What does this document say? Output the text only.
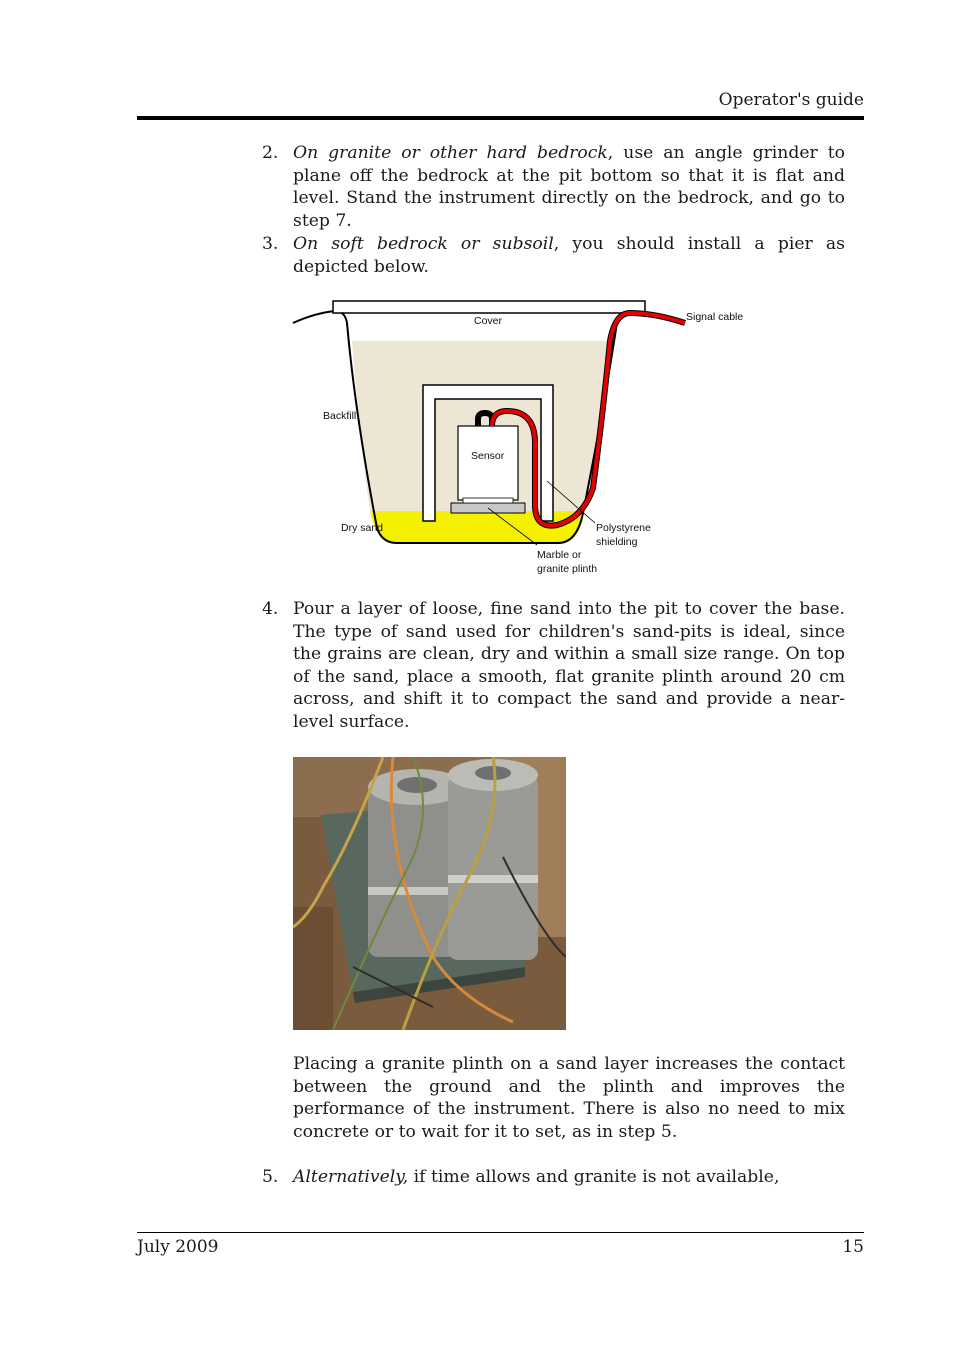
Operator's guide
2. On granite or other hard bedrock, use an angle grinder to plane off the bedrock at the pit bottom so that it is flat and level. Stand the instrument directly on the bedrock, and go to step 7.
3. On soft bedrock or subsoil, you should install a pier as depicted below.
Cover	Signal cable
Backfill
Sensor
Dry sand	Polystyrene
shielding
Marble or
granite plinth
4. Pour a layer of loose, fine sand into the pit to cover the base. The type of sand used for children's sand-pits is ideal, since the grains are clean, dry and within a small size range. On top of the sand, place a smooth, flat granite plinth around 20 cm across, and shift it to compact the sand and provide a near-level surface.
Placing a granite plinth on a sand layer increases the contact between the ground and the plinth and improves the performance of the instrument. There is also no need to mix concrete or to wait for it to set, as in step 5.
5. Alternatively, if time allows and granite is not available,
July 2009	15
